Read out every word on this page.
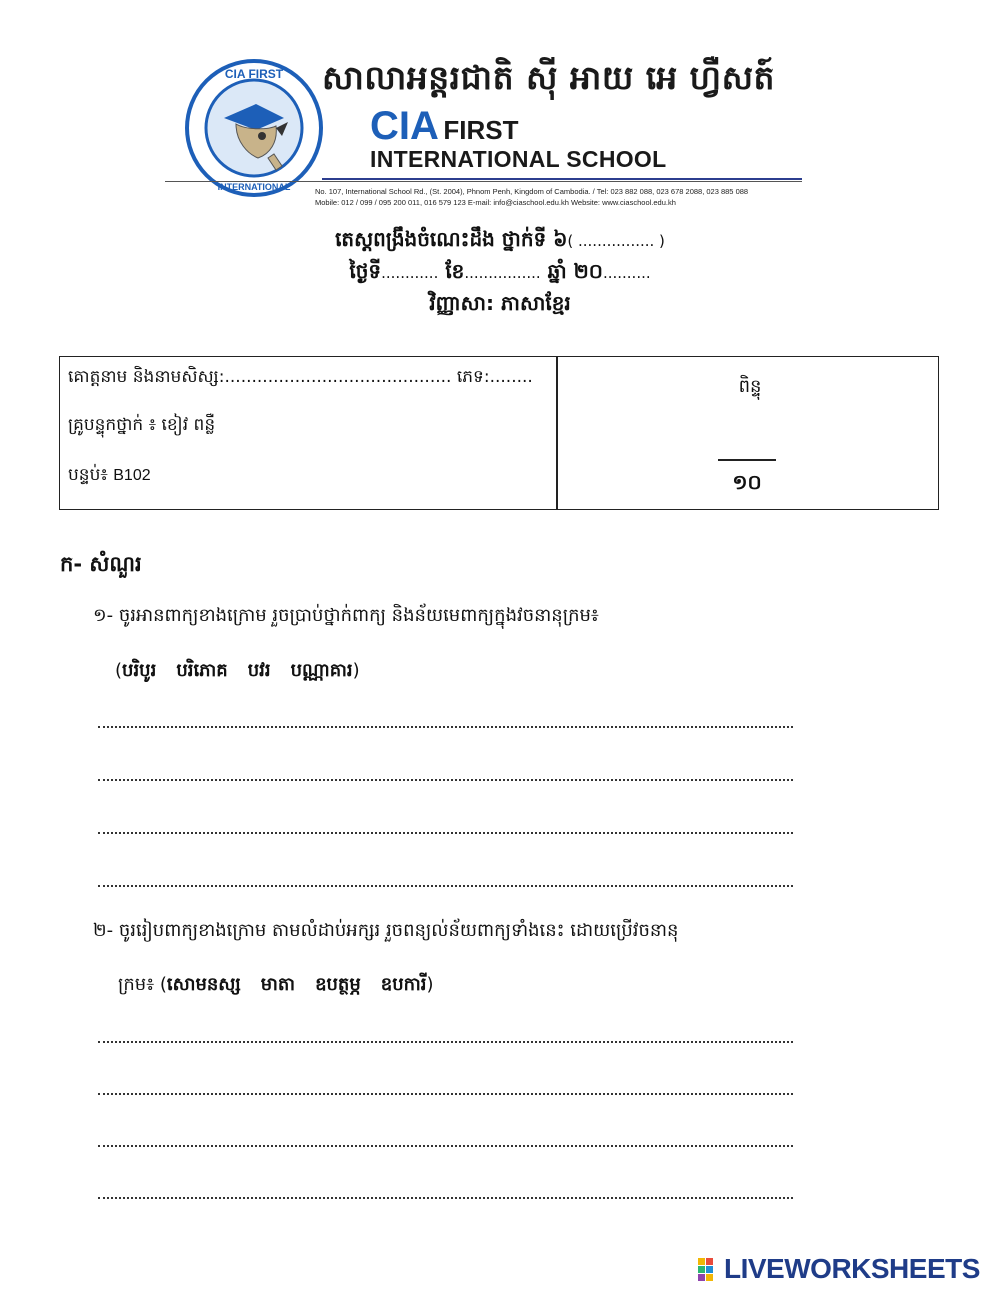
CIA FIRST
INTERNATIONAL
សាលាអន្តរជាតិ ស៊ី អាយ អេ ហ្វឺសត៍
CIA FIRST
INTERNATIONAL SCHOOL
No. 107, International School Rd., (St. 2004), Phnom Penh, Kingdom of Cambodia. / Tel: 023 882 088, 023 678 2088, 023 885 088
Mobile: 012 / 099 / 095 200 011, 016 579 123 E-mail: info@ciaschool.edu.kh Website: www.ciaschool.edu.kh
តេស្តពង្រឹងចំណេះដឹង ថ្នាក់ទី ៦( ................ )
ថ្ងៃទី............ ខែ................ ឆ្នាំ ២០..........
វិញ្ញាសា: ភាសាខ្មែរ
គោត្តនាម និងនាមសិស្ស:.......................................... ភេទ:........
គ្រូបន្ទុកថ្នាក់ ៖ ខៀវ ពន្លឺ
បន្ទប់៖ B102
ពិន្ទុ
១០
ក- សំណួរ
១- ចូរអានពាក្យខាងក្រោម រួចប្រាប់ថ្នាក់ពាក្យ និងន័យមេពាក្យក្នុងវចនានុក្រម៖
(បរិបូរ បរិភោគ បវរ បណ្ណាគារ)
២- ចូររៀបពាក្យខាងក្រោម តាមលំដាប់អក្សរ រួចពន្យល់ន័យពាក្យទាំងនេះ ដោយប្រើវចនានុ
ក្រម៖ (សោមនស្ស មាតា ឧបត្ថម្ភ ឧបការី)
LIVEWORKSHEETS
